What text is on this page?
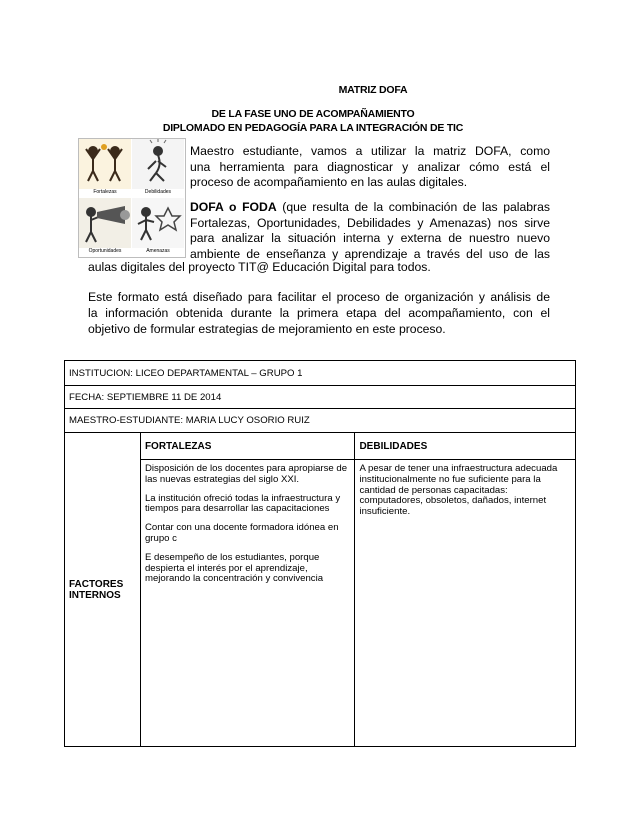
MATRIZ DOFA
DE LA FASE UNO DE ACOMPAÑAMIENTO
DIPLOMADO EN PEDAGOGÍA PARA LA INTEGRACIÓN DE TIC
Fortalezas	Debilidades
Oportunidades	Amenazas

Maestro estudiante, vamos a utilizar la matriz DOFA, como

una herramienta para diagnosticar y analizar cómo está el

proceso de acompañamiento en las aulas digitales.

DOFA o FODA (que resulta de la combinación de las palabras

Fortalezas, Oportunidades, Debilidades y Amenazas) nos sirve

para analizar la situación interna y externa de nuestro nuevo

ambiente de enseñanza y aprendizaje a través del uso de las

aulas digitales del proyecto TIT@ Educación Digital para todos.
Este formato está diseñado para facilitar el proceso de organización y análisis de
la información obtenida durante la primera etapa del acompañamiento, con el
objetivo de formular estrategias de mejoramiento en este proceso.
INSTITUCION: LICEO DEPARTAMENTAL – GRUPO 1		
FECHA: SEPTIEMBRE 11 DE 2014		
MAESTRO-ESTUDIANTE: MARIA LUCY OSORIO RUIZ		

FACTORES
INTERNOS	FORTALEZAS	DEBILIDADES

	Disposición de los docentes para apropiarse de las nuevas estrategias del siglo XXI.

La institución ofreció todas la infraestructura y tiempos para desarrollar las capacitaciones

Contar con una docente formadora idónea en grupo c

E desempeño de los estudiantes, porque despierta el interés por el aprendizaje, mejorando la concentración y convivencia	A pesar de tener una infraestructura adecuada institucionalmente no fue suficiente para la cantidad de personas capacitadas: computadores, obsoletos, dañados, internet insuficiente.
